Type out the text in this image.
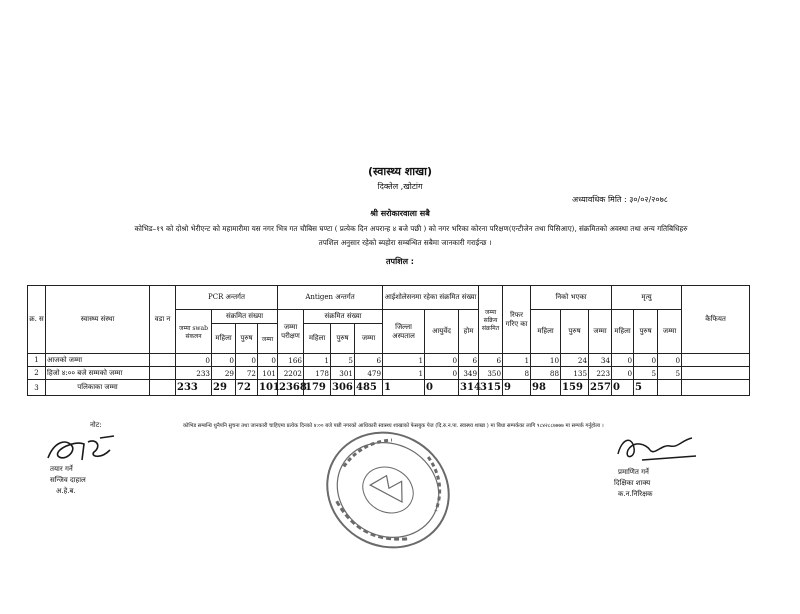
(स्वास्थ्य शाखा)
दिक्तेल ,खोटांग
अध्यावधिक मिति : ३०/०२/२०७८
श्री सरोकारवाला सबै
कोभिड–१९ को दोश्रो भेरीएन्ट को महामारीमा यस नगर भित्र गत चौबिस घण्टा ( प्रत्येक दिन अपरान्ह ४ बजे पछी ) को नगर भरिका कोरना परिक्षण(एन्टीजेन तथा पिसिआए), संक्रमितको अवस्था तथा अन्य गतिबिधिहरु
तपशिल अनुसार रहेको ब्यहोरा सम्बन्धित सबैमा जानकारी गराईन्छ ।
तपशिल :
क्र. स	स्वास्थ्य संस्था	वडा न	PCR अन्तर्गत				Antigen अन्तर्गत				आईशोलेसनमा रहेका संक्रमित संख्या			जम्मा सक्रिय संक्रमित	रिफर गरिए का	निको भएका			मृत्यु			कैफियत
			जम्मा swab संकलन	संक्रमित संख्या			जम्मा परीक्षण	संक्रमित संख्या			जिल्ला अस्पताल	आयुर्वेद	होम			महिला	पुरुष	जम्मा	महिला	पुरुष	जम्मा	
				महिला	पुरुष	जम्मा		महिला	पुरुष	जम्मा												
1	आजको जम्मा		0	0	0	0	166	1	5	6	1	0	6	6	1	10	24	34	0	0	0	
2	हिजो ४:०० बजे सम्मको जम्मा		233	29	72	101	2202	178	301	479	1	0	349	350	8	88	135	223	0	5	5	
3	पलिकाका जम्मा		233	29	72	101	2368	179	306	485	1	0	314	315	9	98	159	257	0	5		
नोट:	कोभिड सम्बन्धि थुनैपनि सुचना तथा जानकारी चाहिएमा प्रत्येक दिनको ४:०० बजे पछी नगरको आधिकारी स्वास्थ्य शाखाको फेसबुक पेज (दि.रु.न.पा. स्वास्थ्य शाखा ) मा बिधा सम्पर्कका लागि ९८४२८८७७७७ मा सम्पर्क गर्नुहोला ।
तयार गर्ने
सन्जिव दाहाल
अ.हे.ब.
प्रमाणित गर्ने
दिक्षिका शाक्य
क.न.निरिक्षक
